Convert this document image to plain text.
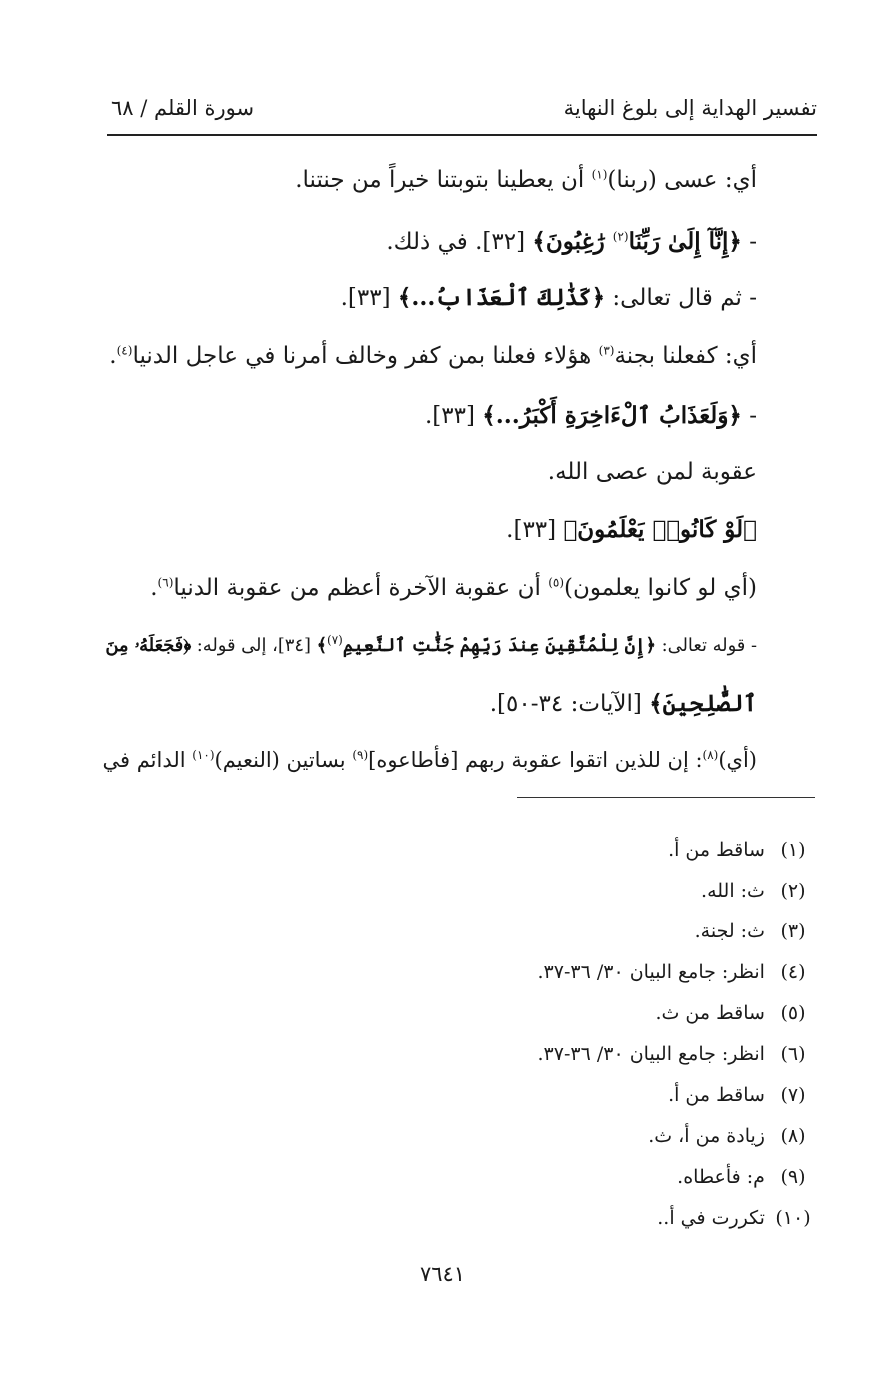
تفسير الهداية إلى بلوغ النهاية
سورة القلم / ٦٨
أي: عسى (ربنا)$^{(١)}$ أن يعطينا بتوبتنا خيراً من جنتنا.
- ﴿إِنَّآ إِلَىٰ رَبِّنَا$^{(٢)}$ رَٰغِبُونَ﴾ [٣٢]. في ذلك.
- ثم قال تعالى: ﴿كَذَٰلِكَ ٱلْعَذَابُ...﴾ [٣٣].
أي: كفعلنا بجنة$^{(٣)}$ هؤلاء فعلنا بمن كفر وخالف أمرنا في عاجل الدنيا$^{(٤)}$.
- ﴿وَلَعَذَابُ ٱلْءَاخِرَةِ أَكْبَرُ...﴾ [٣٣].
عقوبة لمن عصى الله.
﴿لَوْ كَانُوا۟ يَعْلَمُونَ﴾ [٣٣].
(أي لو كانوا يعلمون)$^{(٥)}$ أن عقوبة الآخرة أعظم من عقوبة الدنيا$^{(٦)}$.
- قوله تعالى: ﴿إِنَّ لِلْمُتَّقِينَ عِندَ رَبِّهِمْ جَنَّٰتِ ٱلنَّعِيمِ$^{(٧)}$﴾ [٣٤]، إلى قوله: ﴿فَجَعَلَهُۥ مِنَ
ٱلصَّٰلِحِينَ﴾ [الآيات: ٣٤-٥٠].
(أي)$^{(٨)}$: إن للذين اتقوا عقوبة ربهم [فأطاعوه]$^{(٩)}$ بساتين (النعيم)$^{(١٠)}$ الدائم في
(١) ساقط من أ.
(٢) ث: الله.
(٣) ث: لجنة.
(٤) انظر: جامع البيان ٣٠/ ٣٦-٣٧.
(٥) ساقط من ث.
(٦) انظر: جامع البيان ٣٠/ ٣٦-٣٧.
(٧) ساقط من أ.
(٨) زيادة من أ، ث.
(٩) م: فأعطاه.
(١٠) تكررت في أ..
٧٦٤١
